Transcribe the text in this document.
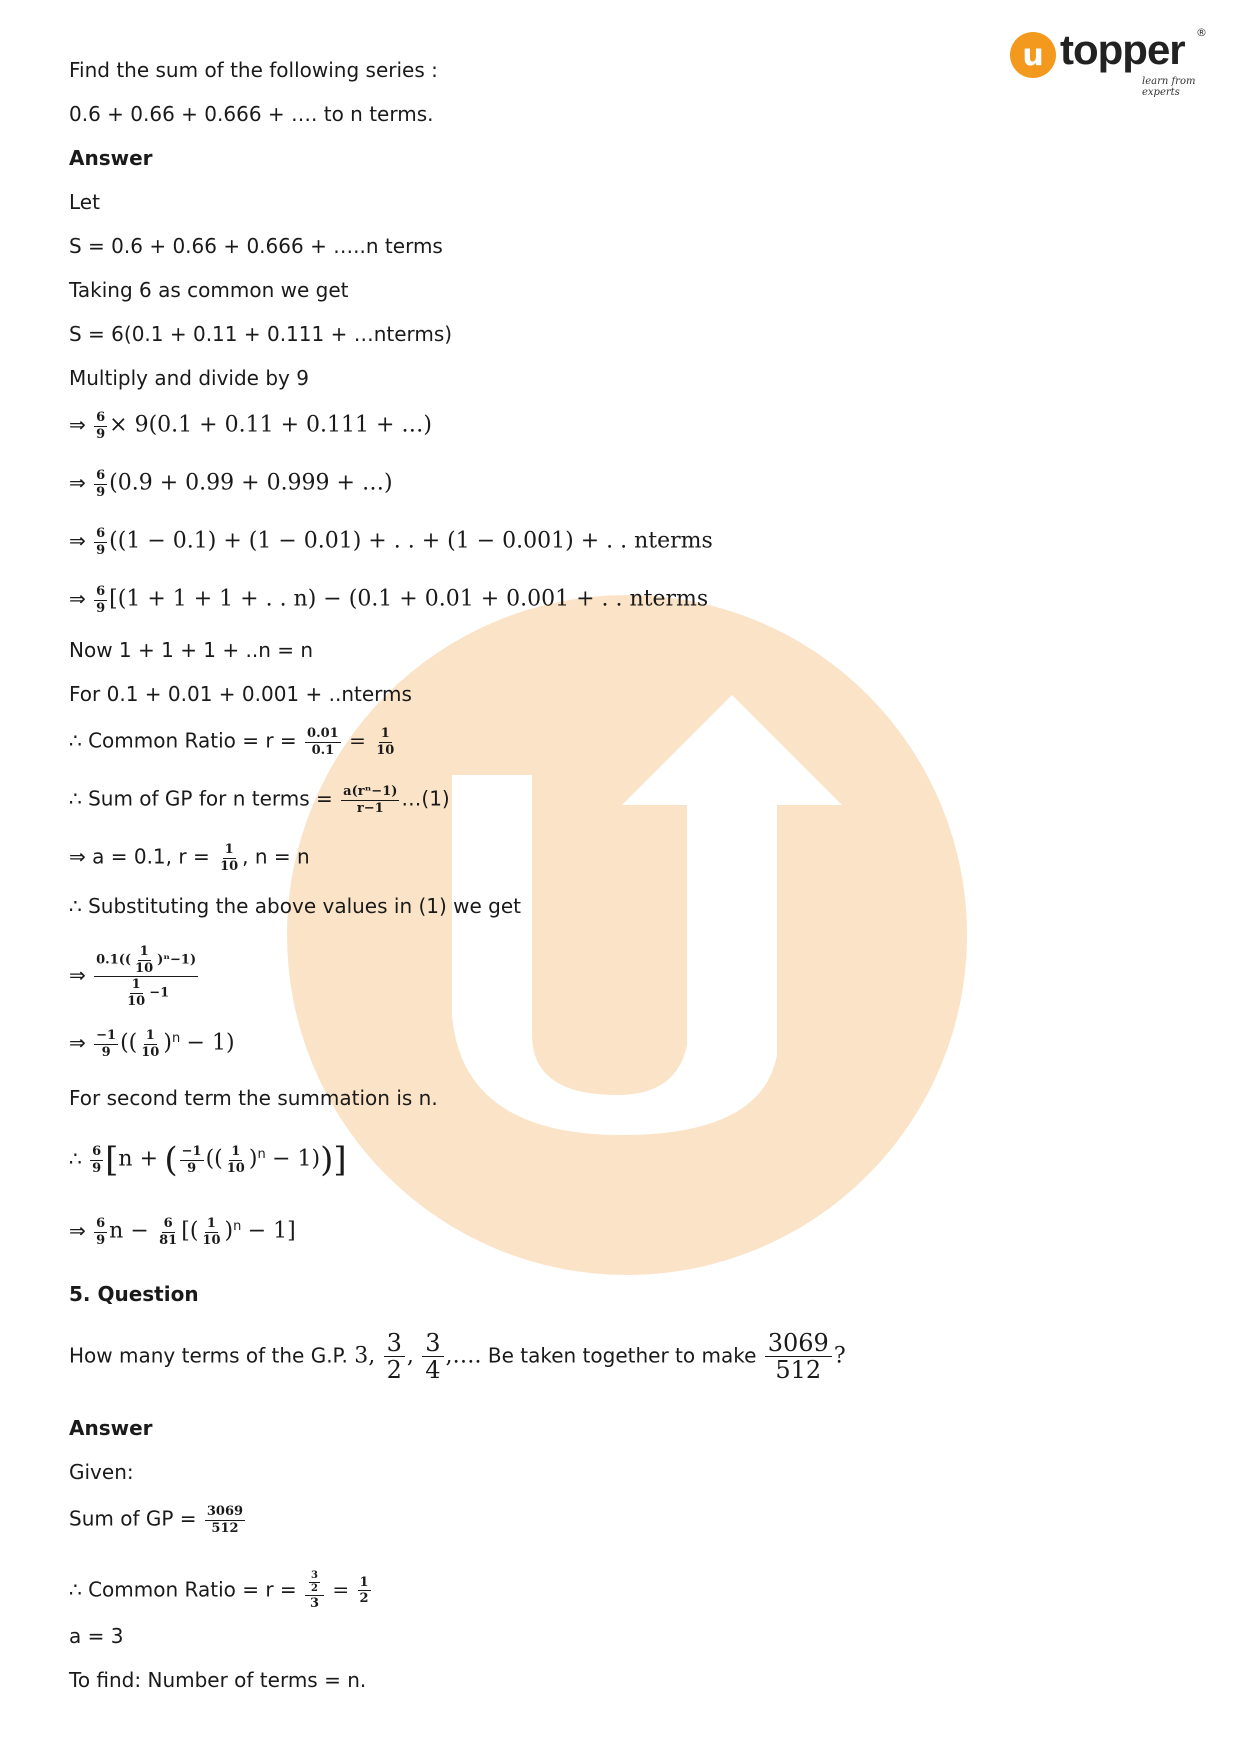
u topper ®
learn from experts
Find the sum of the following series :
0.6 + 0.66 + 0.666 + …. to n terms.
Answer
Let
S = 0.6 + 0.66 + 0.666 + …..n terms
Taking 6 as common we get
S = 6(0.1 + 0.11 + 0.111 + …nterms)
Multiply and divide by 9
⇒ $\frac{6}{9} \times 9(0.1 + 0.11 + 0.111$ + …)
⇒ $\frac{6}{9} (0.9 + 0.99 + 0.999$ + …)
⇒ $\frac{6}{9} ((1 - 0.1) + (1 - 0.01)$ + . . + (1 − 0.001) + . . nterms
⇒ $\frac{6}{9} [(1 + 1 + 1$ + . . n) − (0.1 + 0.01 + 0.001 + . . nterms
Now 1 + 1 + 1 + ..n = n
For 0.1 + 0.01 + 0.001 + ..nterms
∴ Common Ratio = $r = \frac{0.01}{0.1} = \frac{1}{10}$
∴ Sum of GP for n terms = $\frac{\text{a(rⁿ−1)}}{r-1}$ …(1)
⇒ a = 0.1, $r = \frac{1}{10}$ , n = n
∴ Substituting the above values in (1) we get
⇒ $\frac{0.1(( \frac{1}{10} )^n-1)}{\frac{1}{10} -1}$
⇒ $\frac{-1}{9}$ (( $\frac{1}{10} )^n - 1$)
For second term the summation is n.
∴ $\frac{6}{9} [n$ + ( $\frac{-1}{9}$ (( $\frac{1}{10} )^n - 1$))]
⇒ $\frac{6}{9}$ $n - \frac{6}{81}$ [( $\frac{1}{10} )^n - 1$]
5. Question
How many terms of the G.P. 3, $\frac{3}{2}$ , $\frac{3}{4}$ ,…. Be taken together to make $\frac{3069}{512}$ ?
Answer
Given:
Sum of GP = $\frac{3069}{512}$
∴ Common Ratio = $r = \frac{\frac{3}{2}}{3} = \frac{1}{2}$
a = 3
To find: Number of terms = n.
